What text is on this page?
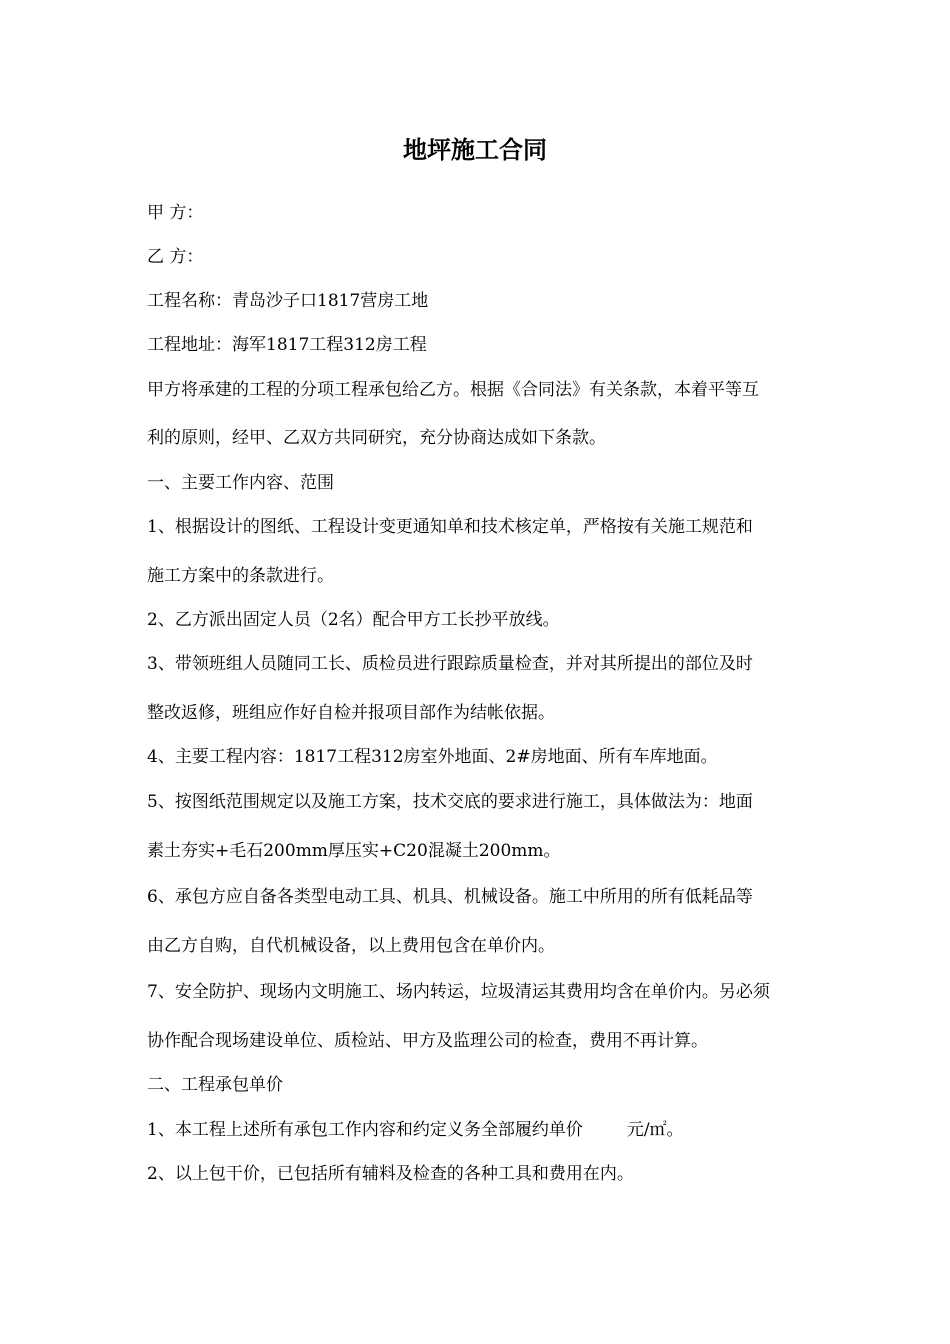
地坪施工合同
甲 方：
乙 方：
工程名称：青岛沙子口1817营房工地
工程地址：海军1817工程312房工程
甲方将承建的工程的分项工程承包给乙方。根据《合同法》有关条款，本着平等互
利的原则，经甲、乙双方共同研究，充分协商达成如下条款。
一、主要工作内容、范围
1、根据设计的图纸、工程设计变更通知单和技术核定单，严格按有关施工规范和
施工方案中的条款进行。
2、乙方派出固定人员（2名）配合甲方工长抄平放线。
3、带领班组人员随同工长、质检员进行跟踪质量检查，并对其所提出的部位及时
整改返修，班组应作好自检并报项目部作为结帐依据。
4、主要工程内容：1817工程312房室外地面、2#房地面、所有车库地面。
5、按图纸范围规定以及施工方案，技术交底的要求进行施工，具体做法为：地面
素土夯实+毛石200mm厚压实+C20混凝土200mm。
6、承包方应自备各类型电动工具、机具、机械设备。施工中所用的所有低耗品等
由乙方自购，自代机械设备，以上费用包含在单价内。
7、安全防护、现场内文明施工、场内转运，垃圾清运其费用均含在单价内。另必须
协作配合现场建设单位、质检站、甲方及监理公司的检查，费用不再计算。
二、工程承包单价
1、本工程上述所有承包工作内容和约定义务全部履约单价	元/㎡。
2、以上包干价，已包括所有辅料及检查的各种工具和费用在内。
